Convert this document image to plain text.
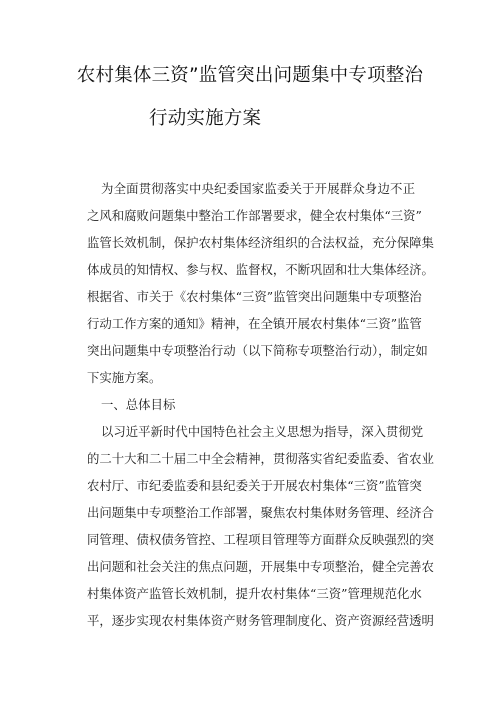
农村集体三资”监管突出问题集中专项整治
行动实施方案
为全面贯彻落实中央纪委国家监委关于开展群众身边不正
之风和腐败问题集中整治工作部署要求，健全农村集体“三资”
监管长效机制，保护农村集体经济组织的合法权益，充分保障集
体成员的知情权、参与权、监督权，不断巩固和壮大集体经济。
根据省、市关于《农村集体“三资”监管突出问题集中专项整治
行动工作方案的通知》精神，在全镇开展农村集体“三资”监管
突出问题集中专项整治行动（以下简称专项整治行动），制定如
下实施方案。
一、总体目标
以习近平新时代中国特色社会主义思想为指导，深入贯彻党
的二十大和二十届二中全会精神，贯彻落实省纪委监委、省农业
农村厅、市纪委监委和县纪委关于开展农村集体“三资”监管突
出问题集中专项整治工作部署，聚焦农村集体财务管理、经济合
同管理、债权债务管控、工程项目管理等方面群众反映强烈的突
出问题和社会关注的焦点问题，开展集中专项整治，健全完善农
村集体资产监管长效机制，提升农村集体“三资”管理规范化水
平，逐步实现农村集体资产财务管理制度化、资产资源经营透明
